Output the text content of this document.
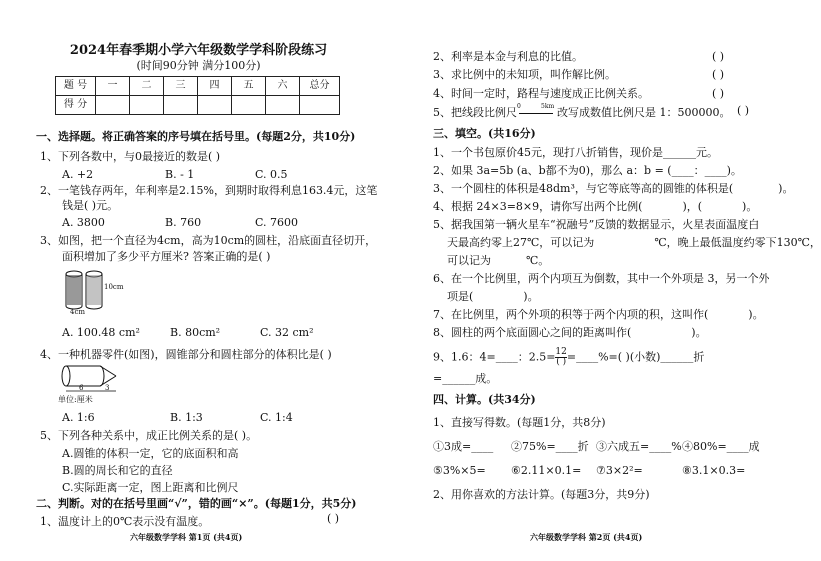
2024年春季期小学六年级数学学科阶段练习
(时间90分钟 满分100分)
题 号	一	二	三	四	五	六	总分
得 分							
一、选择题。将正确答案的序号填在括号里。(每题2分，共10分)
1、下列各数中，与0最接近的数是( )
A. +2	B. - 1	C. 0.5
2、一笔钱存两年，年利率是2.15%，到期时取得利息163.4元，这笔
钱是( )元。
A. 3800	B. 760	C. 7600
3、如图，把一个直径为4cm，高为10cm的圆柱，沿底面直径切开，
面积增加了多少平方厘米? 答案正确的是( )
10cm
4cm
A. 100.48 cm²	B. 80cm²	C. 32 cm²
4、一种机器零件(如图)，圆锥部分和圆柱部分的体积比是( )
6	3
单位:厘米
A. 1:6	B. 1:3	C. 1:4
5、下列各种关系中，成正比例关系的是( )。
A.圆锥的体积一定，它的底面积和高
B.圆的周长和它的直径
C.实际距离一定，图上距离和比例尺
二、判断。对的在括号里画“√”，错的画“×”。(每题1分，共5分)
1、温度计上的0℃表示没有温度。	( )
六年级数学学科 第1页 (共4页)
2、利率是本金与利息的比值。	( )
3、求比例中的未知项，叫作解比例。	( )
4、时间一定时，路程与速度成正比例关系。	( )
5、把线段比例尺 0	5km 改写成数值比例尺是 1：500000。 ( )
三、填空。(共16分)
1、一个书包原价45元，现打八折销售，现价是______元。
2、如果 3a=5b (a、b都不为0)，那么 a：b = (____：____)。
3、一个圆柱的体积是48dm³，与它等底等高的圆锥的体积是(	)。
4、根据 24×3=8×9，请你写出两个比例(	)，(	)。
5、据我国第一辆火星车“祝融号”反馈的数据显示，火星表面温度白
天最高约零上27℃，可以记为	℃，晚上最低温度约零下130℃，
可以记为	℃。
6、在一个比例里，两个内项互为倒数，其中一个外项是 3，另一个外
项是(	)。
7、在比例里，两个外项的积等于两个内项的积，这叫作(	)。
8、圆柱的两个底面圆心之间的距离叫作(	)。
9、1.6：4=____：2.5= 12
( ) =____%=( )(小数)______折
=______成。
四、计算。(共34分)
1、直接写得数。(每题1分，共8分)
①3成=____ ②75%=____折 ③六成五=____% ④80%=____成
⑤3%×5= ⑥2.11×0.1= ⑦3×2²=	⑧3.1×0.3=
2、用你喜欢的方法计算。(每题3分，共9分)
六年级数学学科 第2页 (共4页)
